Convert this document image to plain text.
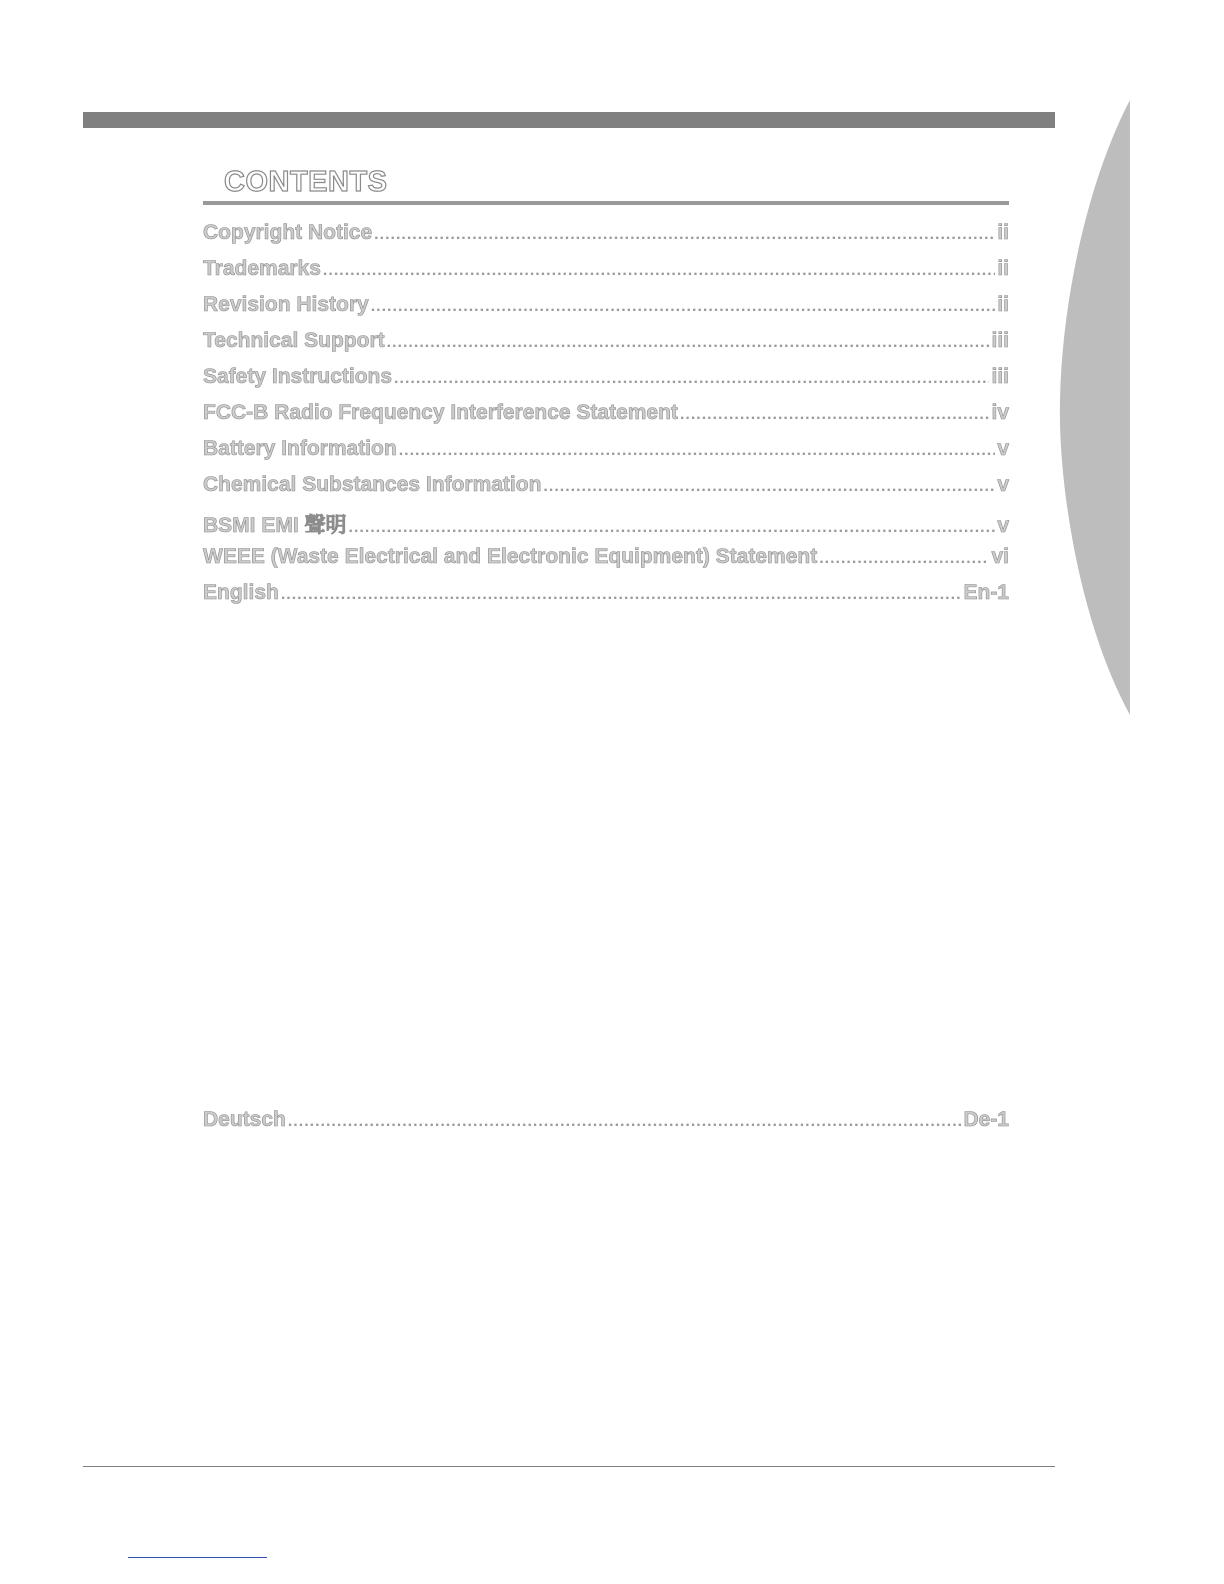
CONTENTS
Copyright Notice .....	ii
Trademarks .....	ii
Revision History .....	ii
Technical Support .....	iii
Safety Instructions .....	iii
FCC-B Radio Frequency Interference Statement .....	iv
Battery Information .....	v
Chemical Substances Information .....	v
BSMI EMI 聲明 .....	v
WEEE (Waste Electrical and Electronic Equipment) Statement .....	vi
English .....	En-1
Deutsch .....	De-1
